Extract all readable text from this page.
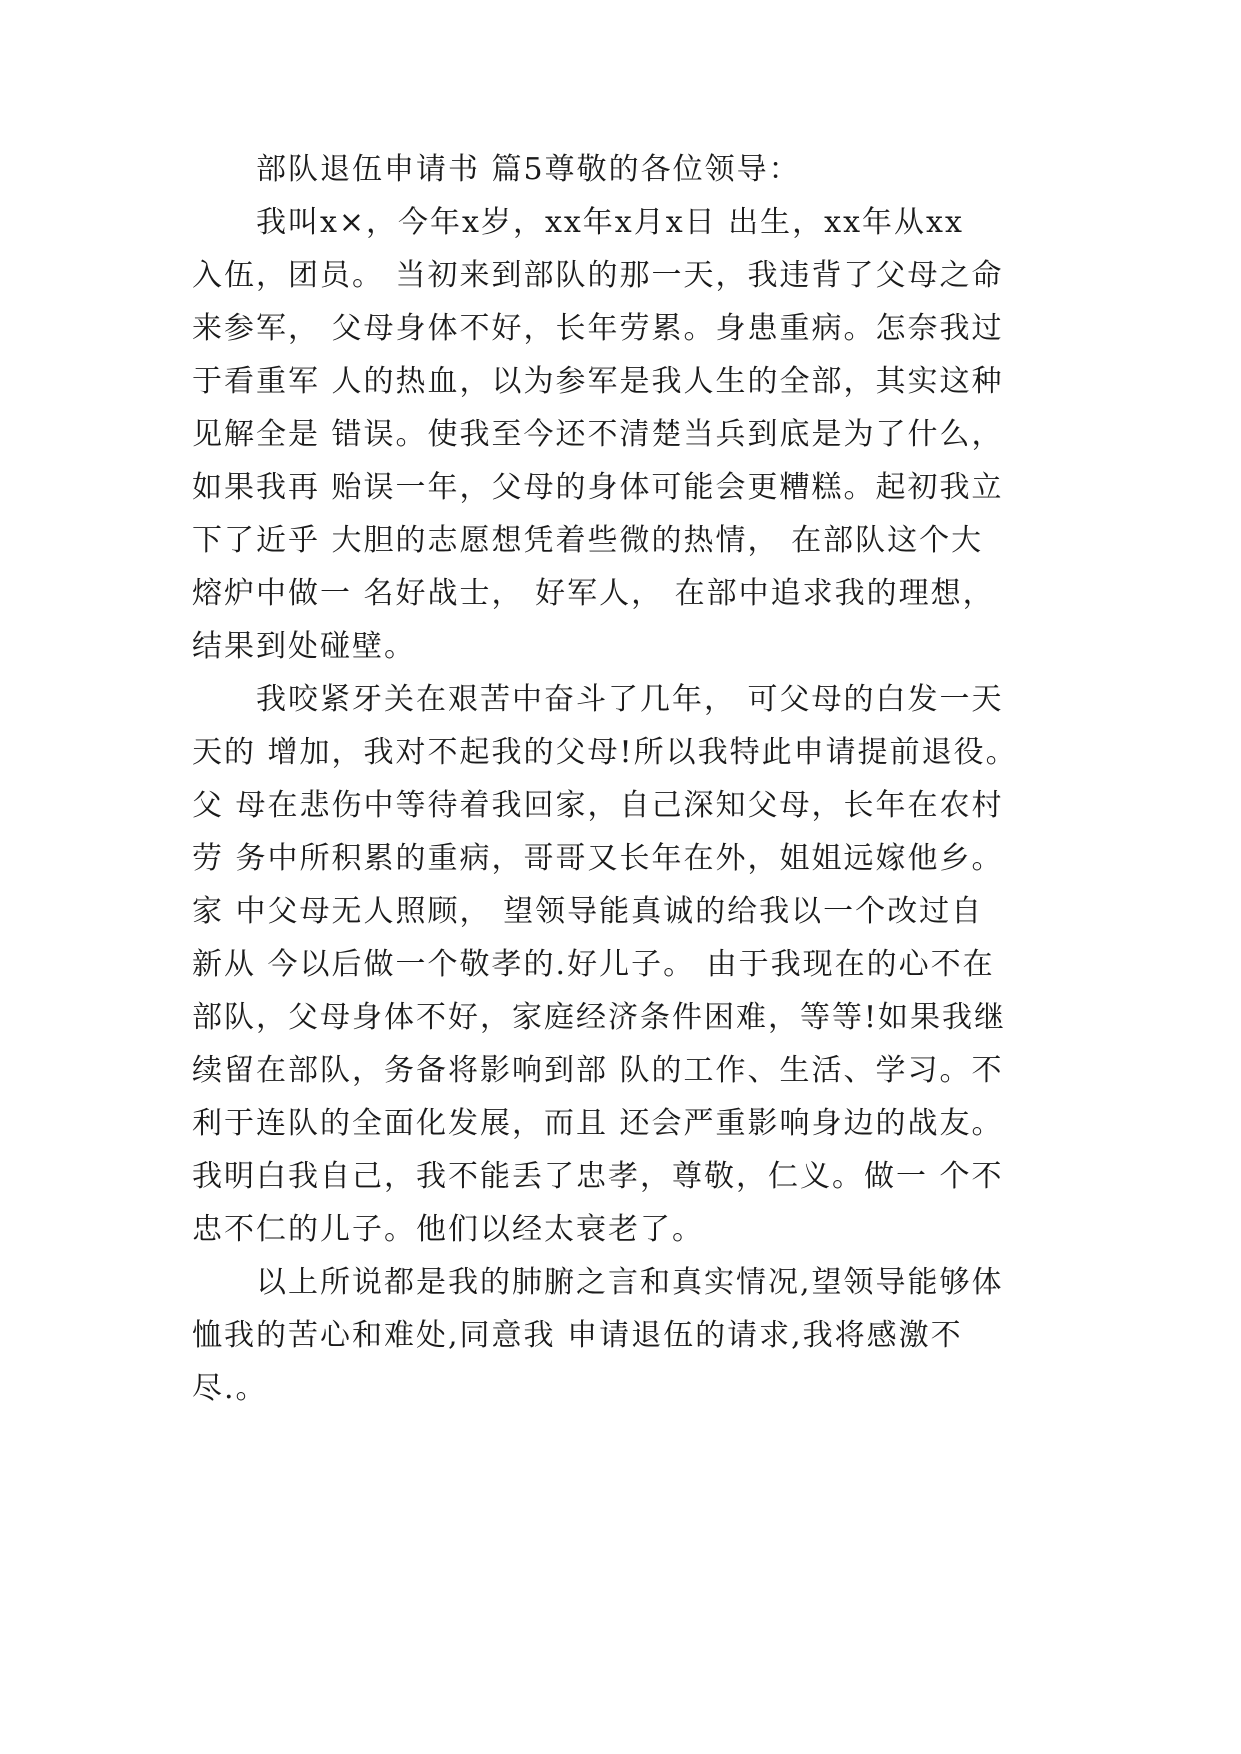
部队退伍申请书 篇5尊敬的各位领导：
我叫x×，今年x岁，xx年x月x日 出生，xx年从xx
入伍，团员。 当初来到部队的那一天，我违背了父母之命
来参军， 父母身体不好，长年劳累。身患重病。怎奈我过
于看重军 人的热血，以为参军是我人生的全部，其实这种
见解全是 错误。使我至今还不清楚当兵到底是为了什么，
如果我再 贻误一年，父母的身体可能会更糟糕。起初我立
下了近乎 大胆的志愿想凭着些微的热情， 在部队这个大
熔炉中做一 名好战士， 好军人， 在部中追求我的理想，
结果到处碰壁。
我咬紧牙关在艰苦中奋斗了几年， 可父母的白发一天
天的 增加，我对不起我的父母!所以我特此申请提前退役。
父 母在悲伤中等待着我回家，自己深知父母，长年在农村
劳 务中所积累的重病，哥哥又长年在外，姐姐远嫁他乡。
家 中父母无人照顾， 望领导能真诚的给我以一个改过自
新从 今以后做一个敬孝的.好儿子。 由于我现在的心不在
部队，父母身体不好，家庭经济条件困难，等等!如果我继
续留在部队，务备将影响到部 队的工作、生活、学习。不
利于连队的全面化发展，而且 还会严重影响身边的战友。
我明白我自己，我不能丢了忠孝，尊敬，仁义。做一 个不
忠不仁的儿子。他们以经太衰老了。
以上所说都是我的肺腑之言和真实情况,望领导能够体
恤我的苦心和难处,同意我 申请退伍的请求,我将感激不
尽.。
